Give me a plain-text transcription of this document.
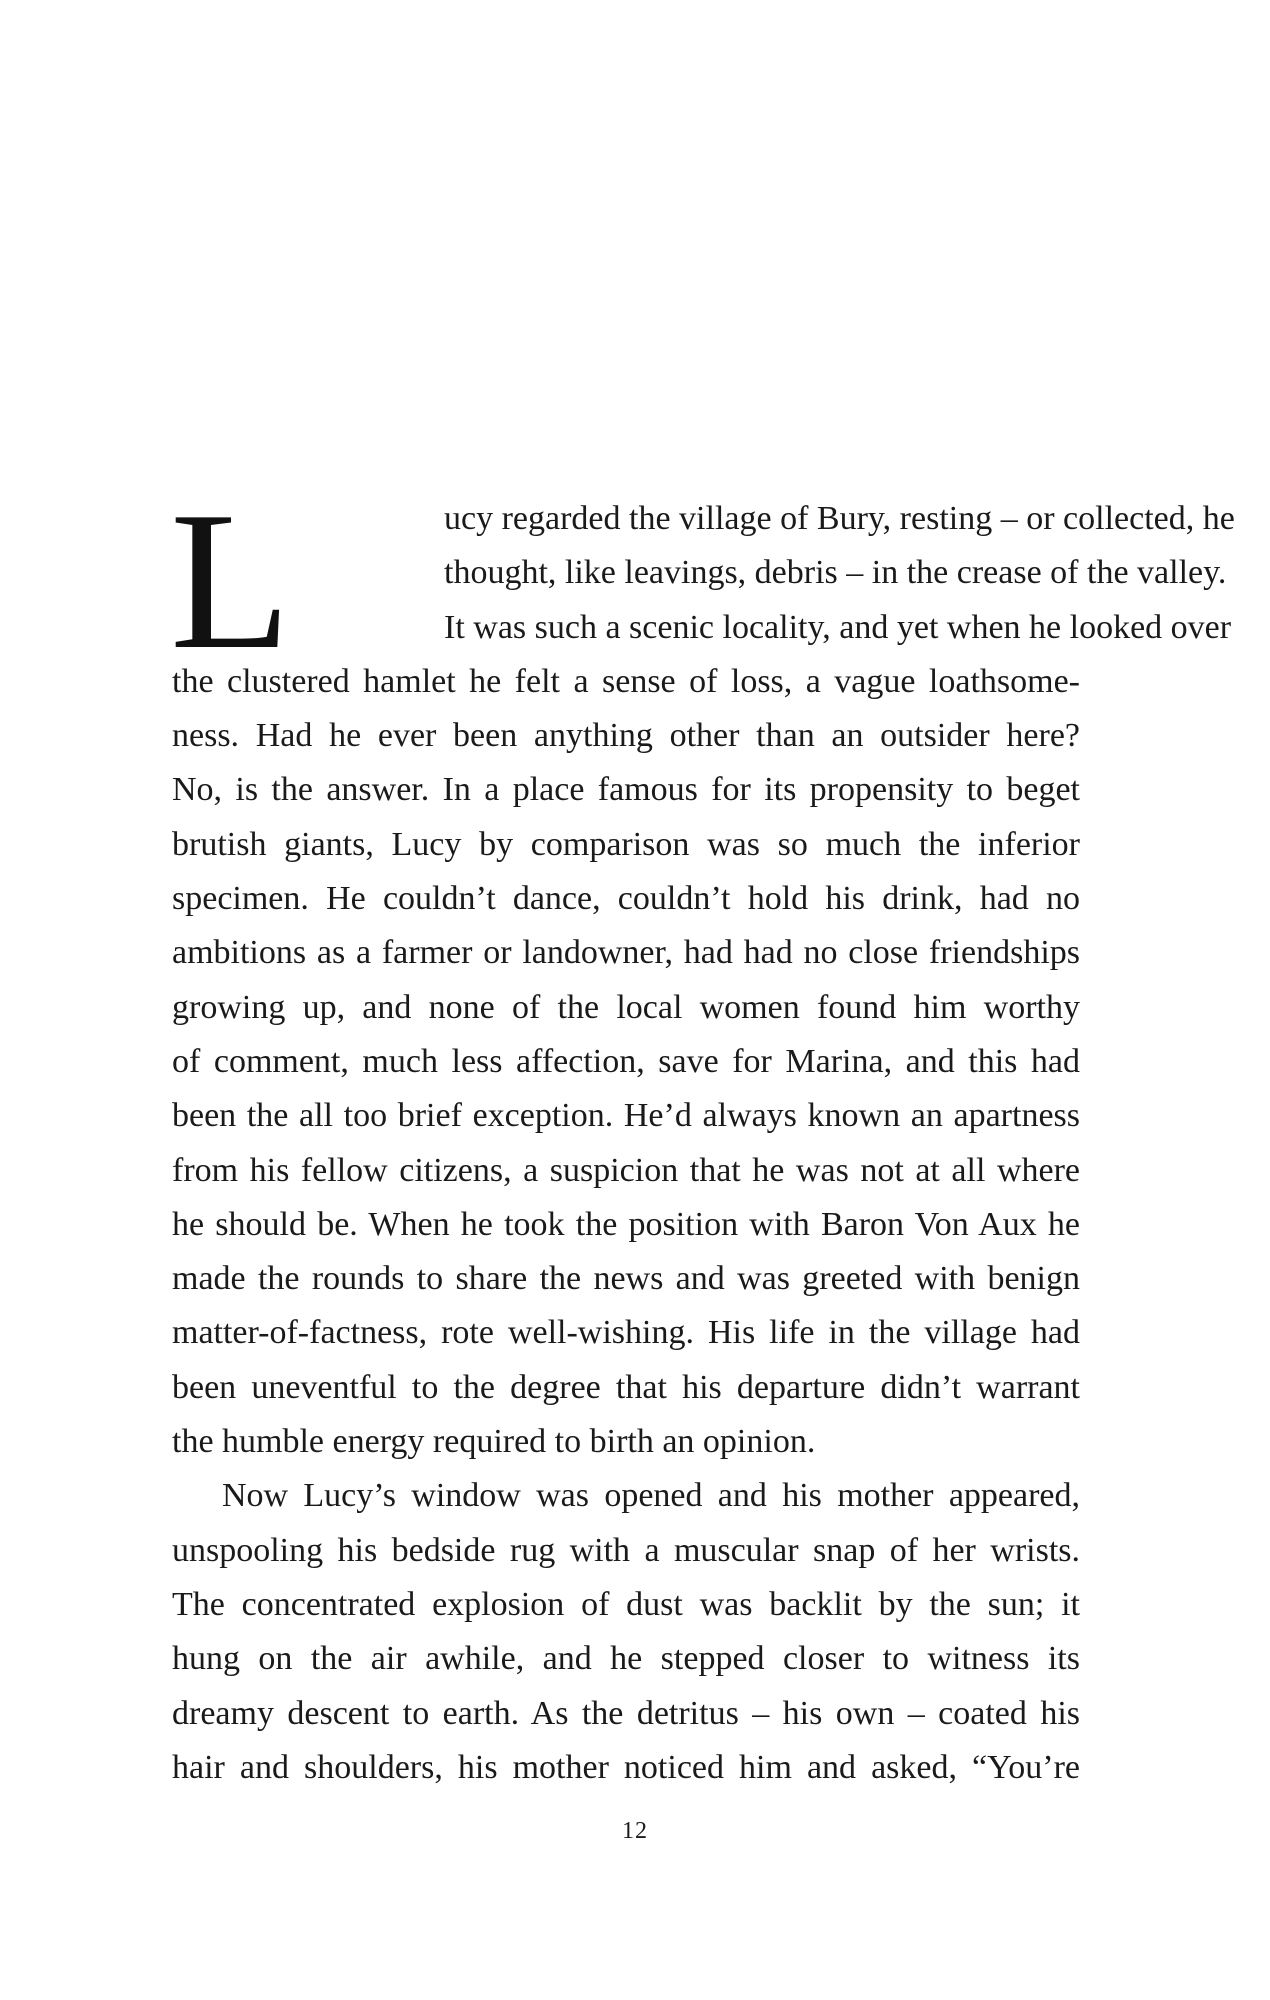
L	ucy regarded the village of Bury, resting – or collected, he
thought, like leavings, debris – in the crease of the valley.
It was such a scenic locality, and yet when he looked over
the clustered hamlet he felt a sense of loss, a vague loathsome-
ness. Had he ever been anything other than an outsider here?
No, is the answer. In a place famous for its propensity to beget
brutish giants, Lucy by comparison was so much the inferior
specimen. He couldn’t dance, couldn’t hold his drink, had no
ambitions as a farmer or landowner, had had no close friendships
growing up, and none of the local women found him worthy
of comment, much less affection, save for Marina, and this had
been the all too brief exception. He’d always known an apartness
from his fellow citizens, a suspicion that he was not at all where
he should be. When he took the position with Baron Von Aux he
made the rounds to share the news and was greeted with benign
matter-of-factness, rote well-wishing. His life in the village had
been uneventful to the degree that his departure didn’t warrant
the humble energy required to birth an opinion.
Now Lucy’s window was opened and his mother appeared,
unspooling his bedside rug with a muscular snap of her wrists.
The concentrated explosion of dust was backlit by the sun; it
hung on the air awhile, and he stepped closer to witness its
dreamy descent to earth. As the detritus – his own – coated his
hair and shoulders, his mother noticed him and asked, “You’re
12
